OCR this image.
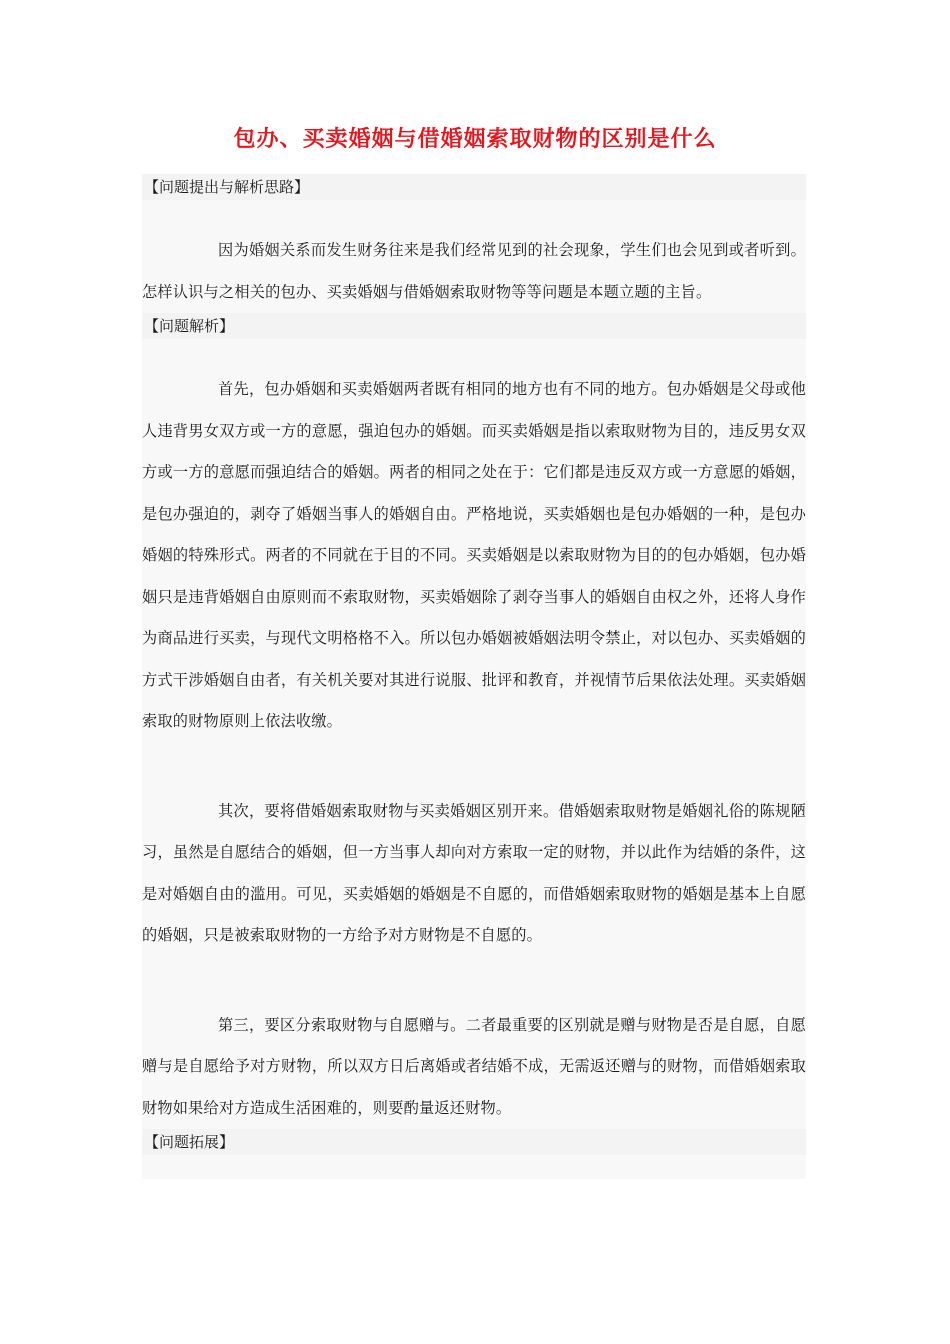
包办、买卖婚姻与借婚姻索取财物的区别是什么
【问题提出与解析思路】

因为婚姻关系而发生财务往来是我们经常见到的社会现象，学生们也会见到或者听到。怎样认识与之相关的包办、买卖婚姻与借婚姻索取财物等等问题是本题立题的主旨。

【问题解析】

首先，包办婚姻和买卖婚姻两者既有相同的地方也有不同的地方。包办婚姻是父母或他人违背男女双方或一方的意愿，强迫包办的婚姻。而买卖婚姻是指以索取财物为目的，违反男女双方或一方的意愿而强迫结合的婚姻。两者的相同之处在于：它们都是违反双方或一方意愿的婚姻，是包办强迫的，剥夺了婚姻当事人的婚姻自由。严格地说，买卖婚姻也是包办婚姻的一种，是包办婚姻的特殊形式。两者的不同就在于目的不同。买卖婚姻是以索取财物为目的的包办婚姻，包办婚姻只是违背婚姻自由原则而不索取财物，买卖婚姻除了剥夺当事人的婚姻自由权之外，还将人身作为商品进行买卖，与现代文明格格不入。所以包办婚姻被婚姻法明令禁止，对以包办、买卖婚姻的方式干涉婚姻自由者，有关机关要对其进行说服、批评和教育，并视情节后果依法处理。买卖婚姻索取的财物原则上依法收缴。

其次，要将借婚姻索取财物与买卖婚姻区别开来。借婚姻索取财物是婚姻礼俗的陈规陋习，虽然是自愿结合的婚姻，但一方当事人却向对方索取一定的财物，并以此作为结婚的条件，这是对婚姻自由的滥用。可见，买卖婚姻的婚姻是不自愿的，而借婚姻索取财物的婚姻是基本上自愿的婚姻，只是被索取财物的一方给予对方财物是不自愿的。

第三，要区分索取财物与自愿赠与。二者最重要的区别就是赠与财物是否是自愿，自愿赠与是自愿给予对方财物，所以双方日后离婚或者结婚不成，无需返还赠与的财物，而借婚姻索取财物如果给对方造成生活困难的，则要酌量返还财物。

【问题拓展】
